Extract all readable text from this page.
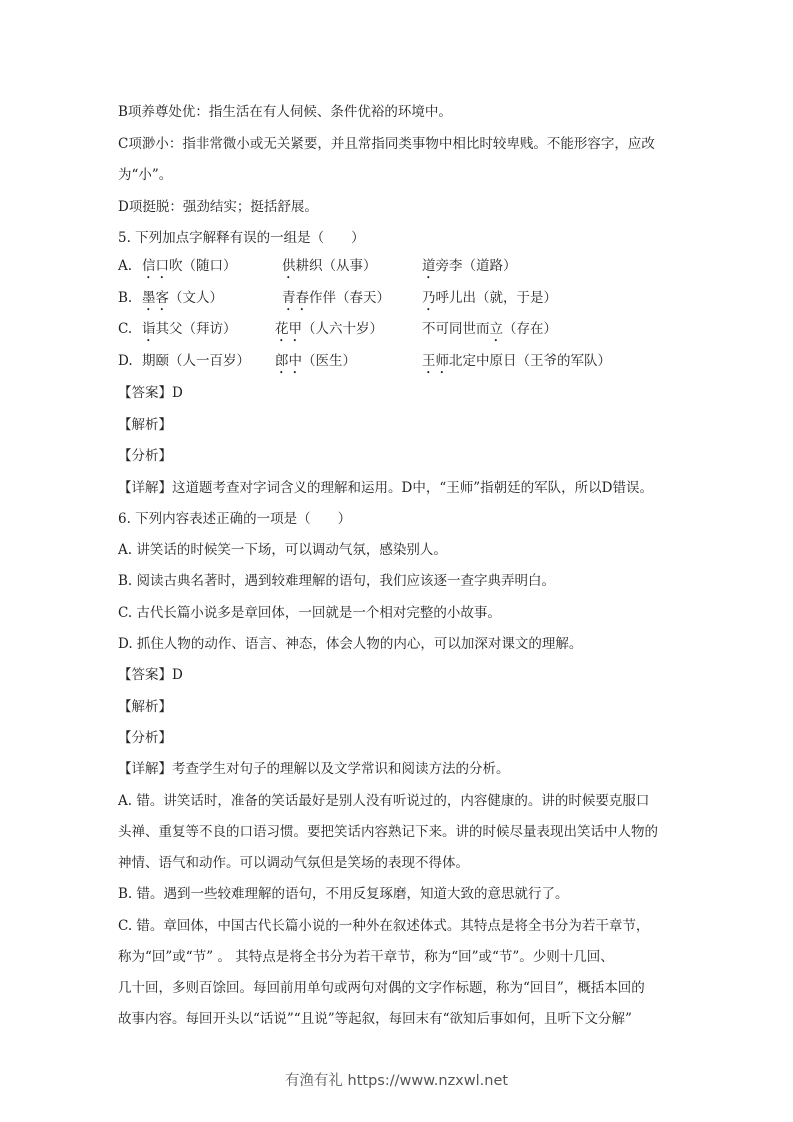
B项养尊处优：指生活在有人伺候、条件优裕的环境中。
C项渺小：指非常微小或无关紧要，并且常指同类事物中相比时较卑贱。不能形容字，应改
为“小”。
D项挺脱：强劲结实；挺括舒展。
5. 下列加点字解释有误的一组是（　　）
A. 信口吹（随口）	供耕织（从事）	道旁李（道路）
B. 墨客（文人）	青春作伴（春天） 乃呼儿出（就，于是）
C. 诣其父（拜访）	花甲（人六十岁）	不可同世而立（存在）
D. 期颐（人一百岁） 郎中（医生）	王师北定中原日（王爷的军队）
【答案】D
【解析】
【分析】
【详解】这道题考查对字词含义的理解和运用。D中，“王师”指朝廷的军队，所以D错误。
6. 下列内容表述正确的一项是（　　）
A. 讲笑话的时候笑一下场，可以调动气氛，感染别人。
B. 阅读古典名著时，遇到较难理解的语句，我们应该逐一查字典弄明白。
C. 古代长篇小说多是章回体，一回就是一个相对完整的小故事。
D. 抓住人物的动作、语言、神态，体会人物的内心，可以加深对课文的理解。
【答案】D
【解析】
【分析】
【详解】考查学生对句子的理解以及文学常识和阅读方法的分析。
A. 错。讲笑话时，准备的笑话最好是别人没有听说过的，内容健康的。讲的时候要克服口
头禅、重复等不良的口语习惯。要把笑话内容熟记下来。讲的时候尽量表现出笑话中人物的
神情、语气和动作。可以调动气氛但是笑场的表现不得体。
B. 错。遇到一些较难理解的语句，不用反复琢磨，知道大致的意思就行了。
C. 错。章回体，中国古代长篇小说的一种外在叙述体式。其特点是将全书分为若干章节，
称为“回”或“节” 。 其特点是将全书分为若干章节，称为“回”或“节”。少则十几回、
几十回，多则百馀回。每回前用单句或两句对偶的文字作标题，称为“回目”，概括本回的
故事内容。每回开头以“话说”“且说”等起叙，每回末有“欲知后事如何，且听下文分解”
有渔有礼 https://www.nzxwl.net
